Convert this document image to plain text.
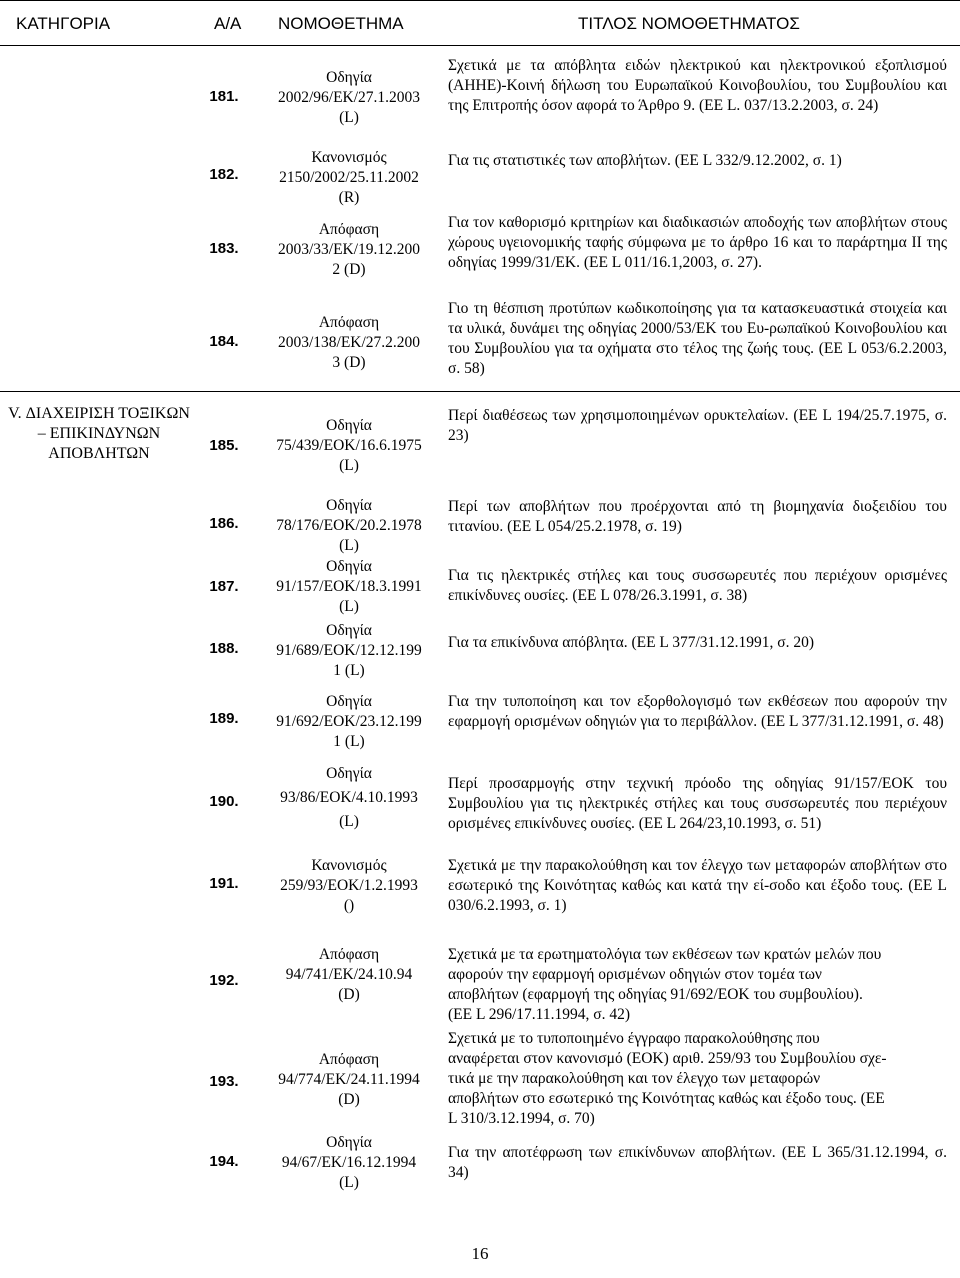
ΚΑΤΗΓΟΡΙΑ	Α/Α ΝΟΜΟΘΕΤΗΜΑ	ΤΙΤΛΟΣ ΝΟΜΟΘΕΤΗΜΑΤΟΣ
V. ΔΙΑΧΕΙΡΙΣΗ ΤΟΞΙΚΩΝ – ΕΠΙΚΙΝΔΥΝΩΝ ΑΠΟΒΛΗΤΩΝ
181.
Οδηγία
2002/96/ΕΚ/27.1.2003
(L)
Σχετικά με τα απόβλητα ειδών ηλεκτρικού και ηλεκτρονικού εξοπλισμού (ΑΗΗΕ)-Κοινή δήλωση του Ευρωπαϊκού Κοινοβουλίου, του Συμβουλίου και της Επιτροπής όσον αφορά το Άρθρο 9. (ΕΕ L. 037/13.2.2003, σ. 24)
182.
Κανονισμός
2150/2002/25.11.2002
(R)
Για τις στατιστικές των αποβλήτων. (ΕΕ L 332/9.12.2002, σ. 1)
183.
Απόφαση
2003/33/ΕΚ/19.12.200
2 (D)
Για τον καθορισμό κριτηρίων και διαδικασιών αποδοχής των αποβλήτων στους χώρους υγειονομικής ταφής σύμφωνα με το άρθρο 16 και το παράρτημα II της οδηγίας 1999/31/ΕΚ. (ΕΕ L 011/16.1,2003, σ. 27).
184.
Απόφαση
2003/138/ΕΚ/27.2.200
3 (D)
Γιο τη θέσπιση προτύπων κωδικοποίησης για τα κατασκευαστικά στοιχεία και τα υλικά, δυνάμει της οδηγίας 2000/53/ΕΚ του Ευ-ρωπαϊκού Κοινοβουλίου και του Συμβουλίου για τα οχήματα στο τέλος της ζωής τους. (ΕΕ L 053/6.2.2003, σ. 58)
185.
Οδηγία
75/439/ΕΟΚ/16.6.1975
(L)
Περί διαθέσεως των χρησιμοποιημένων ορυκτελαίων. (ΕΕ L 194/25.7.1975, σ. 23)
186.
Οδηγία
78/176/ΕΟΚ/20.2.1978
(L)
Περί των αποβλήτων που προέρχονται από τη βιομηχανία διοξειδίου του τιτανίου. (ΕΕ L 054/25.2.1978, σ. 19)
187.
Οδηγία
91/157/ΕΟΚ/18.3.1991
(L)
Για τις ηλεκτρικές στήλες και τους συσσωρευτές που περιέχουν ορισμένες επικίνδυνες ουσίες. (ΕΕ L 078/26.3.1991, σ. 38)
188.
Οδηγία
91/689/ΕΟΚ/12.12.199
1 (L)
Για τα επικίνδυνα απόβλητα. (ΕΕ L 377/31.12.1991, σ. 20)
189.
Οδηγία
91/692/ΕΟΚ/23.12.199
1 (L)
Για την τυποποίηση και τον εξορθολογισμό των εκθέσεων που αφορούν την εφαρμογή ορισμένων οδηγιών για το περιβάλλον. (ΕΕ L 377/31.12.1991, σ. 48)
190.
Οδηγία
93/86/ΕΟΚ/4.10.1993
(L)
Περί προσαρμογής στην τεχνική πρόοδο της οδηγίας 91/157/ΕΟΚ του Συμβουλίου για τις ηλεκτρικές στήλες και τους συσσωρευτές που περιέχουν ορισμένες επικίνδυνες ουσίες. (ΕΕ L 264/23,10.1993, σ. 51)
191.
Κανονισμός
259/93/ΕΟΚ/1.2.1993
()
Σχετικά με την παρακολούθηση και τον έλεγχο των μεταφορών αποβλήτων στο εσωτερικό της Κοινότητας καθώς και κατά την εί-σοδο και έξοδο τους. (ΕΕ L 030/6.2.1993, σ. 1)
192.
Απόφαση
94/741/ΕΚ/24.10.94
(D)
Σχετικά με τα ερωτηματολόγια των εκθέσεων των κρατών μελών που
αφορούν την εφαρμογή ορισμένων οδηγιών στον τομέα των
αποβλήτων (εφαρμογή της οδηγίας 91/692/ΕΟΚ του συμβουλίου).
(ΕΕ L 296/17.11.1994, σ. 42)
193.
Απόφαση
94/774/ΕΚ/24.11.1994
(D)
Σχετικά με το τυποποιημένο έγγραφο παρακολούθησης που
αναφέρεται στον κανονισμό (ΕΟΚ) αριθ. 259/93 του Συμβουλίου σχε-
τικά με την παρακολούθηση και τον έλεγχο των μεταφορών
αποβλήτων στο εσωτερικό της Κοινότητας καθώς και έξοδο τους. (ΕΕ
L 310/3.12.1994, σ. 70)
194.
Οδηγία
94/67/ΕΚ/16.12.1994
(L)
Για την αποτέφρωση των επικίνδυνων αποβλήτων. (ΕΕ L 365/31.12.1994, σ. 34)
16
